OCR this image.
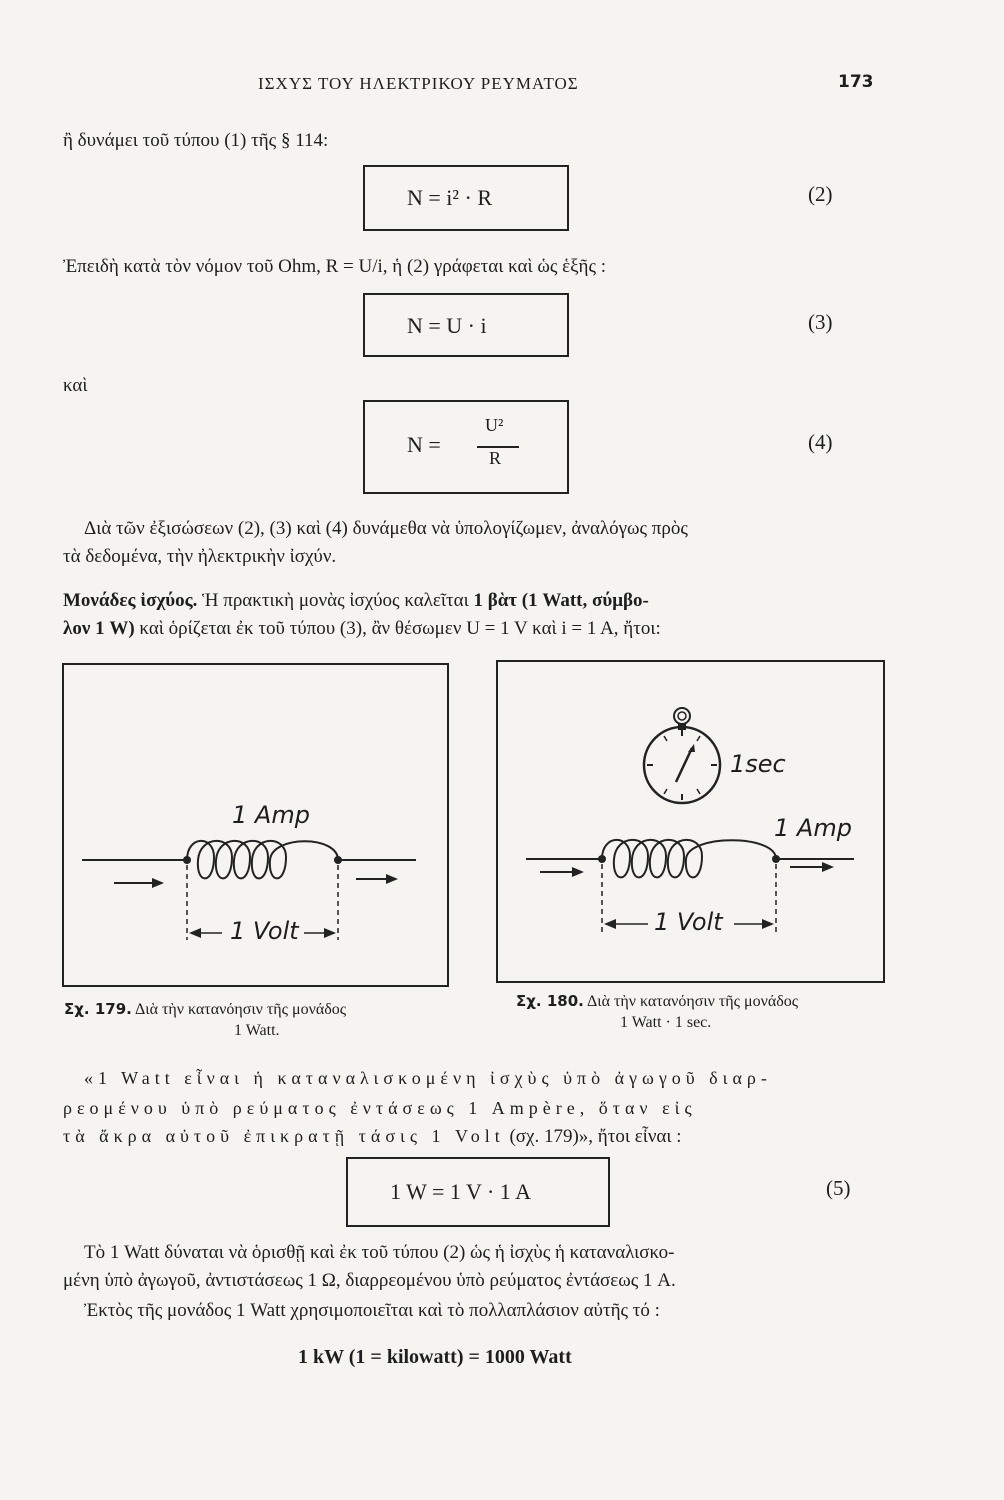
ΙΣΧΥΣ ΤΟΥ ΗΛΕΚΤΡΙΚΟΥ ΡΕΥΜΑΤΟΣ	173
ἢ δυνάμει τοῦ τύπου (1) τῆς § 114:
N = i² · R	(2)
Ἐπειδὴ κατὰ τὸν νόμον τοῦ Ohm, R = U/i, ἡ (2) γράφεται καὶ ὡς ἑξῆς :
N = U · i	(3)
καὶ
N =
U²
R
(4)
Διὰ τῶν ἐξισώσεων (2), (3) καὶ (4) δυνάμεθα νὰ ὑπολογίζωμεν, ἀναλόγως πρὸς
τὰ δεδομένα, τὴν ἠλεκτρικὴν ἰσχύν.
Μονάδες ἰσχύος. Ἡ πρακτικὴ μονὰς ἰσχύος καλεῖται 1 βὰτ (1 Watt, σύμβο-
λον 1 W) καὶ ὁρίζεται ἐκ τοῦ τύπου (3), ἂν θέσωμεν U = 1 V καὶ i = 1 A, ἤτοι:
1 Amp
1 Volt
1sec
1 Amp
1 Volt
Σχ. 179. Διὰ τὴν κατανόησιν τῆς μονάδος
1 Watt.
Σχ. 180. Διὰ τὴν κατανόησιν τῆς μονάδος
1 Watt · 1 sec.
«1 Watt εἶναι ἡ καταναλισκομένη ἰσχὺς ὑπὸ ἀγωγοῦ διαρ-
ρεομένου ὑπὸ ρεύματος ἐντάσεως 1 Ampère, ὅταν εἰς
τὰ ἄκρα αὐτοῦ ἐπικρατῇ τάσις 1 Volt (σχ. 179)», ἤτοι εἶναι :
1 W = 1 V · 1 A	(5)
Τὸ 1 Watt δύναται νὰ ὁρισθῇ καὶ ἐκ τοῦ τύπου (2) ὡς ἡ ἰσχὺς ἡ καταναλισκο-
μένη ὑπὸ ἀγωγοῦ, ἀντιστάσεως 1 Ω, διαρρεομένου ὑπὸ ρεύματος ἐντάσεως 1 A.
Ἐκτὸς τῆς μονάδος 1 Watt χρησιμοποιεῖται καὶ τὸ πολλαπλάσιον αὐτῆς τό :
1 kW (1 = kilowatt) = 1000 Watt
